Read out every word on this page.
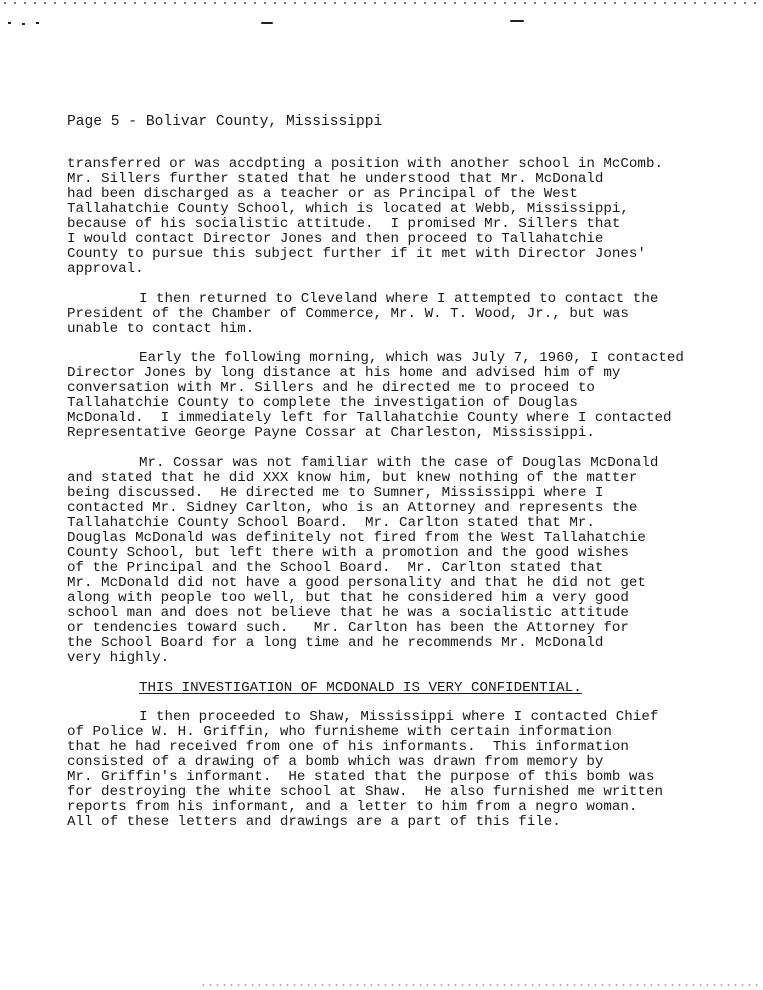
Page 5 - Bolivar County, Mississippi
transferred or was accdpting a position with another school in McComb.
Mr. Sillers further stated that he understood that Mr. McDonald
had been discharged as a teacher or as Principal of the West
Tallahatchie County School, which is located at Webb, Mississippi,
because of his socialistic attitude.  I promised Mr. Sillers that
I would contact Director Jones and then proceed to Tallahatchie
County to pursue this subject further if it met with Director Jones'
approval.
I then returned to Cleveland where I attempted to contact the
President of the Chamber of Commerce, Mr. W. T. Wood, Jr., but was
unable to contact him.
Early the following morning, which was July 7, 1960, I contacted
Director Jones by long distance at his home and advised him of my
conversation with Mr. Sillers and he directed me to proceed to
Tallahatchie County to complete the investigation of Douglas
McDonald.  I immediately left for Tallahatchie County where I contacted
Representative George Payne Cossar at Charleston, Mississippi.
Mr. Cossar was not familiar with the case of Douglas McDonald
and stated that he did XXX know him, but knew nothing of the matter
being discussed.  He directed me to Sumner, Mississippi where I
contacted Mr. Sidney Carlton, who is an Attorney and represents the
Tallahatchie County School Board.  Mr. Carlton stated that Mr.
Douglas McDonald was definitely not fired from the West Tallahatchie
County School, but left there with a promotion and the good wishes
of the Principal and the School Board.  Mr. Carlton stated that
Mr. McDonald did not have a good personality and that he did not get
along with people too well, but that he considered him a very good
school man and does not believe that he was a socialistic attitude
or tendencies toward such.   Mr. Carlton has been the Attorney for
the School Board for a long time and he recommends Mr. McDonald
very highly.
THIS INVESTIGATION OF MCDONALD IS VERY CONFIDENTIAL.
I then proceeded to Shaw, Mississippi where I contacted Chief
of Police W. H. Griffin, who furnisheme with certain information
that he had received from one of his informants.  This information
consisted of a drawing of a bomb which was drawn from memory by
Mr. Griffin's informant.  He stated that the purpose of this bomb was
for destroying the white school at Shaw.  He also furnished me written
reports from his informant, and a letter to him from a negro woman.
All of these letters and drawings are a part of this file.
